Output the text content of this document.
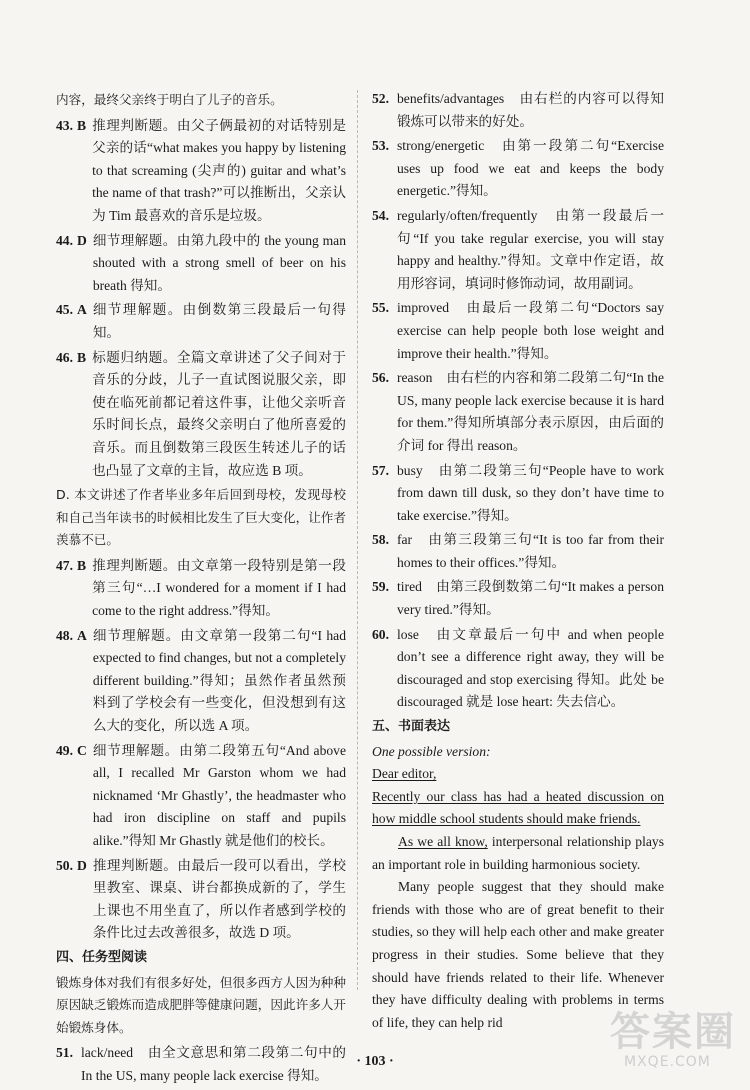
内容，最终父亲终于明白了儿子的音乐。

43. B 推理判断题。由父子俩最初的对话特别是父亲的话“what makes you happy by listening to that screaming (尖声的) guitar and what’s the name of that trash?”可以推断出，父亲认为 Tim 最喜欢的音乐是垃圾。
44. D 细节理解题。由第九段中的 the young man shouted with a strong smell of beer on his breath 得知。
45. A 细节理解题。由倒数第三段最后一句得知。
46. B 标题归纳题。全篇文章讲述了父子间对于音乐的分歧，儿子一直试图说服父亲，即使在临死前都记着这件事，让他父亲听音乐时间长点，最终父亲明白了他所喜爱的音乐。而且倒数第三段医生转述儿子的话也凸显了文章的主旨，故应选 B 项。

D. 本文讲述了作者毕业多年后回到母校，发现母校和自己当年读书的时候相比发生了巨大变化，让作者羡慕不已。

47. B 推理判断题。由文章第一段特别是第一段第三句“…I wondered for a moment if I had come to the right address.”得知。
48. A 细节理解题。由文章第一段第二句“I had expected to find changes, but not a completely different building.”得知；虽然作者虽然预料到了学校会有一些变化，但没想到有这么大的变化，所以选 A 项。
49. C 细节理解题。由第二段第五句“And above all, I recalled Mr Garston whom we had nicknamed ‘Mr Ghastly’, the headmaster who had iron discipline on staff and pupils alike.”得知 Mr Ghastly 就是他们的校长。
50. D 推理判断题。由最后一段可以看出，学校里教室、课桌、讲台都换成新的了，学生上课也不用坐直了，所以作者感到学校的条件比过去改善很多，故选 D 项。

四、任务型阅读

锻炼身体对我们有很多好处，但很多西方人因为种种原因缺乏锻炼而造成肥胖等健康问题，因此许多人开始锻炼身体。

51. lack/need　由全文意思和第二段第二句中的 In the US, many people lack exercise 得知。
52. benefits/advantages　由右栏的内容可以得知锻炼可以带来的好处。
53. strong/energetic　由第一段第二句“Exercise uses up food we eat and keeps the body energetic.”得知。
54. regularly/often/frequently　由第一段最后一句“If you take regular exercise, you will stay happy and healthy.”得知。文章中作定语，故用形容词，填词时修饰动词，故用副词。
55. improved　由最后一段第二句“Doctors say exercise can help people both lose weight and improve their health.”得知。
56. reason　由右栏的内容和第二段第二句“In the US, many people lack exercise because it is hard for them.”得知所填部分表示原因，由后面的介词 for 得出 reason。
57. busy　由第二段第三句“People have to work from dawn till dusk, so they don’t have time to take exercise.”得知。
58. far　由第三段第三句“It is too far from their homes to their offices.”得知。
59. tired　由第三段倒数第二句“It makes a person very tired.”得知。
60. lose　由文章最后一句中 and when people don’t see a difference right away, they will be discouraged and stop exercising 得知。此处 be discouraged 就是 lose heart: 失去信心。

五、书面表达

One possible version:

Dear editor,

Recently our class has had a heated discussion on how middle school students should make friends.

As we all know, interpersonal relationship plays an important role in building harmonious society.

Many people suggest that they should make friends with those who are of great benefit to their studies, so they will help each other and make greater progress in their studies. Some believe that they should have friends related to their life. Whenever they have difficulty dealing with problems in terms of life, they can help rid

· 103 ·
答案圈
MXQE.COM
